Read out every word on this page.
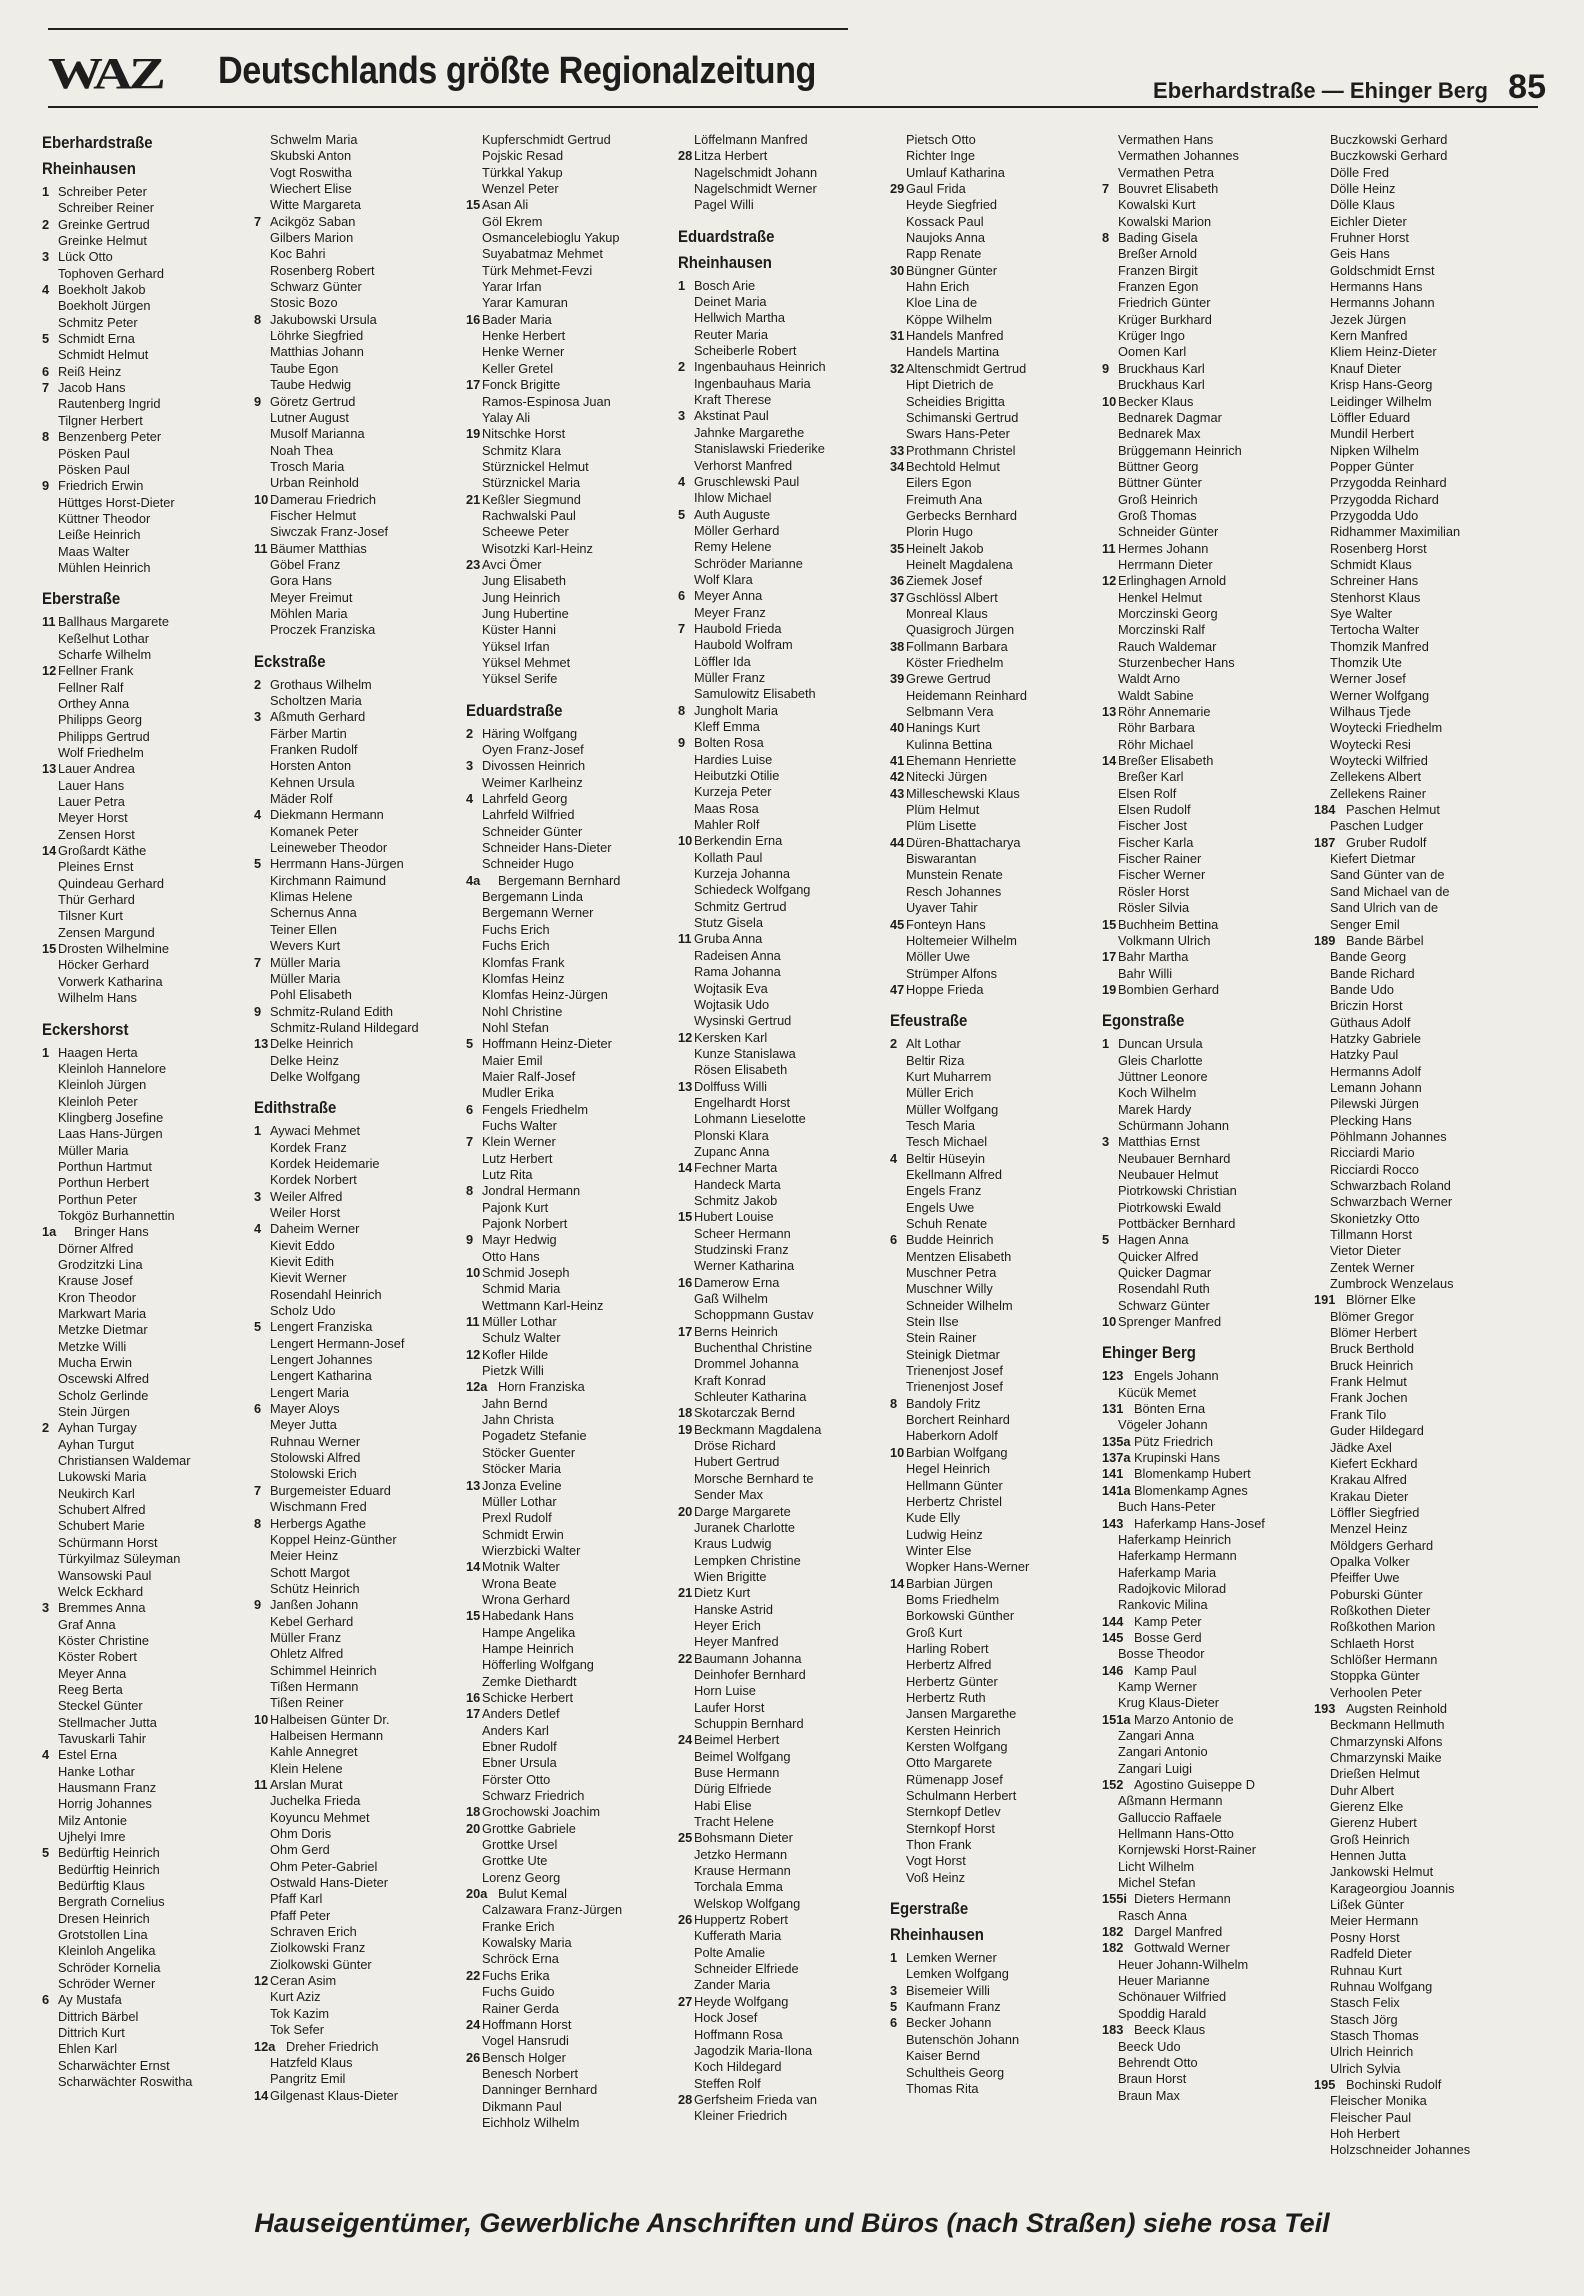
WAZ Deutschlands größte Regionalzeitung	Eberhardstraße — Ehinger Berg 85
Eberhardstraße
Rheinhausen
1 Schreiber Peter
Schreiber Reiner
2 Greinke Gertrud
Greinke Helmut
3 Lück Otto
Tophoven Gerhard
4 Boekholt Jakob
Boekholt Jürgen
Schmitz Peter
5 Schmidt Erna
Schmidt Helmut
6 Reiß Heinz
7 Jacob Hans
Rautenberg Ingrid
Tilgner Herbert
8 Benzenberg Peter
Pösken Paul
Pösken Paul
9 Friedrich Erwin
Hüttges Horst-Dieter
Küttner Theodor
Leiße Heinrich
Maas Walter
Mühlen Heinrich
Eberstraße
11 Ballhaus Margarete
Keßelhut Lothar
Scharfe Wilhelm
12 Fellner Frank
Fellner Ralf
Orthey Anna
Philipps Georg
Philipps Gertrud
Wolf Friedhelm
13 Lauer Andrea
Lauer Hans
Lauer Petra
Meyer Horst
Zensen Horst
14 Großardt Käthe
Pleines Ernst
Quindeau Gerhard
Thür Gerhard
Tilsner Kurt
Zensen Margund
15 Drosten Wilhelmine
Höcker Gerhard
Vorwerk Katharina
Wilhelm Hans
Eckershorst
1 Haagen Herta
Kleinloh Hannelore
Kleinloh Jürgen
Kleinloh Peter
Klingberg Josefine
Laas Hans-Jürgen
Müller Maria
Porthun Hartmut
Porthun Herbert
Porthun Peter
Tokgöz Burhannettin
1a	Bringer Hans
Dörner Alfred
Grodzitzki Lina
Krause Josef
Kron Theodor
Markwart Maria
Metzke Dietmar
Metzke Willi
Mucha Erwin
Oscewski Alfred
Scholz Gerlinde
Stein Jürgen
2 Ayhan Turgay
Ayhan Turgut
Christiansen Waldemar
Lukowski Maria
Neukirch Karl
Schubert Alfred
Schubert Marie
Schürmann Horst
Türkyilmaz Süleyman
Wansowski Paul
Welck Eckhard
3 Bremmes Anna
Graf Anna
Köster Christine
Köster Robert
Meyer Anna
Reeg Berta
Steckel Günter
Stellmacher Jutta
Tavuskarli Tahir
4 Estel Erna
Hanke Lothar
Hausmann Franz
Horrig Johannes
Milz Antonie
Ujhelyi Imre
5 Bedürftig Heinrich
Bedürftig Heinrich
Bedürftig Klaus
Bergrath Cornelius
Dresen Heinrich
Grotstollen Lina
Kleinloh Angelika
Schröder Kornelia
Schröder Werner
6 Ay Mustafa
Dittrich Bärbel
Dittrich Kurt
Ehlen Karl
Scharwächter Ernst
Scharwächter Roswitha
Schwelm Maria
Skubski Anton
Vogt Roswitha
Wiechert Elise
Witte Margareta
7 Acikgöz Saban
Gilbers Marion
Koc Bahri
Rosenberg Robert
Schwarz Günter
Stosic Bozo
8 Jakubowski Ursula
Löhrke Siegfried
Matthias Johann
Taube Egon
Taube Hedwig
9 Göretz Gertrud
Lutner August
Musolf Marianna
Noah Thea
Trosch Maria
Urban Reinhold
10 Damerau Friedrich
Fischer Helmut
Siwczak Franz-Josef
11 Bäumer Matthias
Göbel Franz
Gora Hans
Meyer Freimut
Möhlen Maria
Proczek Franziska
Eckstraße
2 Grothaus Wilhelm
Scholtzen Maria
3 Aßmuth Gerhard
Färber Martin
Franken Rudolf
Horsten Anton
Kehnen Ursula
Mäder Rolf
4 Diekmann Hermann
Komanek Peter
Leineweber Theodor
5 Herrmann Hans-Jürgen
Kirchmann Raimund
Klimas Helene
Schernus Anna
Teiner Ellen
Wevers Kurt
7 Müller Maria
Müller Maria
Pohl Elisabeth
9 Schmitz-Ruland Edith
Schmitz-Ruland Hildegard
13 Delke Heinrich
Delke Heinz
Delke Wolfgang
Edithstraße
1 Aywaci Mehmet
Kordek Franz
Kordek Heidemarie
Kordek Norbert
3 Weiler Alfred
Weiler Horst
4 Daheim Werner
Kievit Eddo
Kievit Edith
Kievit Werner
Rosendahl Heinrich
Scholz Udo
5 Lengert Franziska
Lengert Hermann-Josef
Lengert Johannes
Lengert Katharina
Lengert Maria
6 Mayer Aloys
Meyer Jutta
Ruhnau Werner
Stolowski Alfred
Stolowski Erich
7 Burgemeister Eduard
Wischmann Fred
8 Herbergs Agathe
Koppel Heinz-Günther
Meier Heinz
Schott Margot
Schütz Heinrich
9 Janßen Johann
Kebel Gerhard
Müller Franz
Ohletz Alfred
Schimmel Heinrich
Tißen Hermann
Tißen Reiner
10 Halbeisen Günter Dr.
Halbeisen Hermann
Kahle Annegret
Klein Helene
11 Arslan Murat
Juchelka Frieda
Koyuncu Mehmet
Ohm Doris
Ohm Gerd
Ohm Peter-Gabriel
Ostwald Hans-Dieter
Pfaff Karl
Pfaff Peter
Schraven Erich
Ziolkowski Franz
Ziolkowski Günter
12 Ceran Asim
Kurt Aziz
Tok Kazim
Tok Sefer
12a Dreher Friedrich
Hatzfeld Klaus
Pangritz Emil
14 Gilgenast Klaus-Dieter
Kupferschmidt Gertrud
Pojskic Resad
Türkkal Yakup
Wenzel Peter
15 Asan Ali
Göl Ekrem
Osmancelebioglu Yakup
Suyabatmaz Mehmet
Türk Mehmet-Fevzi
Yarar Irfan
Yarar Kamuran
16 Bader Maria
Henke Herbert
Henke Werner
Keller Gretel
17 Fonck Brigitte
Ramos-Espinosa Juan
Yalay Ali
19 Nitschke Horst
Schmitz Klara
Stürznickel Helmut
Stürznickel Maria
21 Keßler Siegmund
Rachwalski Paul
Scheewe Peter
Wisotzki Karl-Heinz
23 Avci Ömer
Jung Elisabeth
Jung Heinrich
Jung Hubertine
Küster Hanni
Yüksel Irfan
Yüksel Mehmet
Yüksel Serife
Eduardstraße
2 Häring Wolfgang
Oyen Franz-Josef
3 Divossen Heinrich
Weimer Karlheinz
4 Lahrfeld Georg
Lahrfeld Wilfried
Schneider Günter
Schneider Hans-Dieter
Schneider Hugo
4a	Bergemann Bernhard
Bergemann Linda
Bergemann Werner
Fuchs Erich
Fuchs Erich
Klomfas Frank
Klomfas Heinz
Klomfas Heinz-Jürgen
Nohl Christine
Nohl Stefan
5 Hoffmann Heinz-Dieter
Maier Emil
Maier Ralf-Josef
Mudler Erika
6 Fengels Friedhelm
Fuchs Walter
7 Klein Werner
Lutz Herbert
Lutz Rita
8 Jondral Hermann
Pajonk Kurt
Pajonk Norbert
9 Mayr Hedwig
Otto Hans
10 Schmid Joseph
Schmid Maria
Wettmann Karl-Heinz
11 Müller Lothar
Schulz Walter
12 Kofler Hilde
Pietzk Willi
12a Horn Franziska
Jahn Bernd
Jahn Christa
Pogadetz Stefanie
Stöcker Guenter
Stöcker Maria
13 Jonza Eveline
Müller Lothar
Prexl Rudolf
Schmidt Erwin
Wierzbicki Walter
14 Motnik Walter
Wrona Beate
Wrona Gerhard
15 Habedank Hans
Hampe Angelika
Hampe Heinrich
Höfferling Wolfgang
Zemke Diethardt
16 Schicke Herbert
17 Anders Detlef
Anders Karl
Ebner Rudolf
Ebner Ursula
Förster Otto
Schwarz Friedrich
18 Grochowski Joachim
20 Grottke Gabriele
Grottke Ursel
Grottke Ute
Lorenz Georg
20a Bulut Kemal
Calzawara Franz-Jürgen
Franke Erich
Kowalsky Maria
Schröck Erna
22 Fuchs Erika
Fuchs Guido
Rainer Gerda
24 Hoffmann Horst
Vogel Hansrudi
26 Bensch Holger
Benesch Norbert
Danninger Bernhard
Dikmann Paul
Eichholz Wilhelm
Löffelmann Manfred
28 Litza Herbert
Nagelschmidt Johann
Nagelschmidt Werner
Pagel Willi
Eduardstraße
Rheinhausen
1 Bosch Arie
Deinet Maria
Hellwich Martha
Reuter Maria
Scheiberle Robert
2 Ingenbauhaus Heinrich
Ingenbauhaus Maria
Kraft Therese
3 Akstinat Paul
Jahnke Margarethe
Stanislawski Friederike
Verhorst Manfred
4 Gruschlewski Paul
Ihlow Michael
5 Auth Auguste
Möller Gerhard
Remy Helene
Schröder Marianne
Wolf Klara
6 Meyer Anna
Meyer Franz
7 Haubold Frieda
Haubold Wolfram
Löffler Ida
Müller Franz
Samulowitz Elisabeth
8 Jungholt Maria
Kleff Emma
9 Bolten Rosa
Hardies Luise
Heibutzki Otilie
Kurzeja Peter
Maas Rosa
Mahler Rolf
10 Berkendin Erna
Kollath Paul
Kurzeja Johanna
Schiedeck Wolfgang
Schmitz Gertrud
Stutz Gisela
11 Gruba Anna
Radeisen Anna
Rama Johanna
Wojtasik Eva
Wojtasik Udo
Wysinski Gertrud
12 Kersken Karl
Kunze Stanislawa
Rösen Elisabeth
13 Dolffuss Willi
Engelhardt Horst
Lohmann Lieselotte
Plonski Klara
Zupanc Anna
14 Fechner Marta
Handeck Marta
Schmitz Jakob
15 Hubert Louise
Scheer Hermann
Studzinski Franz
Werner Katharina
16 Damerow Erna
Gaß Wilhelm
Schoppmann Gustav
17 Berns Heinrich
Buchenthal Christine
Drommel Johanna
Kraft Konrad
Schleuter Katharina
18 Skotarczak Bernd
19 Beckmann Magdalena
Dröse Richard
Hubert Gertrud
Morsche Bernhard te
Sender Max
20 Darge Margarete
Juranek Charlotte
Kraus Ludwig
Lempken Christine
Wien Brigitte
21 Dietz Kurt
Hanske Astrid
Heyer Erich
Heyer Manfred
22 Baumann Johanna
Deinhofer Bernhard
Horn Luise
Laufer Horst
Schuppin Bernhard
24 Beimel Herbert
Beimel Wolfgang
Buse Hermann
Dürig Elfriede
Habi Elise
Tracht Helene
25 Bohsmann Dieter
Jetzko Hermann
Krause Hermann
Torchala Emma
Welskop Wolfgang
26 Huppertz Robert
Kufferath Maria
Polte Amalie
Schneider Elfriede
Zander Maria
27 Heyde Wolfgang
Hock Josef
Hoffmann Rosa
Jagodzik Maria-Ilona
Koch Hildegard
Steffen Rolf
28 Gerfsheim Frieda van
Kleiner Friedrich
Pietsch Otto
Richter Inge
Umlauf Katharina
29 Gaul Frida
Heyde Siegfried
Kossack Paul
Naujoks Anna
Rapp Renate
30 Büngner Günter
Hahn Erich
Kloe Lina de
Köppe Wilhelm
31 Handels Manfred
Handels Martina
32 Altenschmidt Gertrud
Hipt Dietrich de
Scheidies Brigitta
Schimanski Gertrud
Swars Hans-Peter
33 Prothmann Christel
34 Bechtold Helmut
Eilers Egon
Freimuth Ana
Gerbecks Bernhard
Plorin Hugo
35 Heinelt Jakob
Heinelt Magdalena
36 Ziemek Josef
37 Gschlössl Albert
Monreal Klaus
Quasigroch Jürgen
38 Follmann Barbara
Köster Friedhelm
39 Grewe Gertrud
Heidemann Reinhard
Selbmann Vera
40 Hanings Kurt
Kulinna Bettina
41 Ehemann Henriette
42 Nitecki Jürgen
43 Milleschewski Klaus
Plüm Helmut
Plüm Lisette
44 Düren-Bhattacharya
Biswarantan
Munstein Renate
Resch Johannes
Uyaver Tahir
45 Fonteyn Hans
Holtemeier Wilhelm
Möller Uwe
Strümper Alfons
47 Hoppe Frieda
Efeustraße
2 Alt Lothar
Beltir Riza
Kurt Muharrem
Müller Erich
Müller Wolfgang
Tesch Maria
Tesch Michael
4 Beltir Hüseyin
Ekellmann Alfred
Engels Franz
Engels Uwe
Schuh Renate
6 Budde Heinrich
Mentzen Elisabeth
Muschner Petra
Muschner Willy
Schneider Wilhelm
Stein Ilse
Stein Rainer
Steinigk Dietmar
Trienenjost Josef
Trienenjost Josef
8 Bandoly Fritz
Borchert Reinhard
Haberkorn Adolf
10 Barbian Wolfgang
Hegel Heinrich
Hellmann Günter
Herbertz Christel
Kude Elly
Ludwig Heinz
Winter Else
Wopker Hans-Werner
14 Barbian Jürgen
Boms Friedhelm
Borkowski Günther
Groß Kurt
Harling Robert
Herbertz Alfred
Herbertz Günter
Herbertz Ruth
Jansen Margarethe
Kersten Heinrich
Kersten Wolfgang
Otto Margarete
Rümenapp Josef
Schulmann Herbert
Sternkopf Detlev
Sternkopf Horst
Thon Frank
Vogt Horst
Voß Heinz
Egerstraße
Rheinhausen
1 Lemken Werner
Lemken Wolfgang
3 Bisemeier Willi
5 Kaufmann Franz
6 Becker Johann
Butenschön Johann
Kaiser Bernd
Schultheis Georg
Thomas Rita
Vermathen Hans
Vermathen Johannes
Vermathen Petra
7 Bouvret Elisabeth
Kowalski Kurt
Kowalski Marion
8 Bading Gisela
Breßer Arnold
Franzen Birgit
Franzen Egon
Friedrich Günter
Krüger Burkhard
Krüger Ingo
Oomen Karl
9 Bruckhaus Karl
Bruckhaus Karl
10 Becker Klaus
Bednarek Dagmar
Bednarek Max
Brüggemann Heinrich
Büttner Georg
Büttner Günter
Groß Heinrich
Groß Thomas
Schneider Günter
11 Hermes Johann
Herrmann Dieter
12 Erlinghagen Arnold
Henkel Helmut
Morczinski Georg
Morczinski Ralf
Rauch Waldemar
Sturzenbecher Hans
Waldt Arno
Waldt Sabine
13 Röhr Annemarie
Röhr Barbara
Röhr Michael
14 Breßer Elisabeth
Breßer Karl
Elsen Rolf
Elsen Rudolf
Fischer Jost
Fischer Karla
Fischer Rainer
Fischer Werner
Rösler Horst
Rösler Silvia
15 Buchheim Bettina
Volkmann Ulrich
17 Bahr Martha
Bahr Willi
19 Bombien Gerhard
Egonstraße
1 Duncan Ursula
Gleis Charlotte
Jüttner Leonore
Koch Wilhelm
Marek Hardy
Schürmann Johann
3 Matthias Ernst
Neubauer Bernhard
Neubauer Helmut
Piotrkowski Christian
Piotrkowski Ewald
Pottbäcker Bernhard
5 Hagen Anna
Quicker Alfred
Quicker Dagmar
Rosendahl Ruth
Schwarz Günter
10 Sprenger Manfred
Ehinger Berg
123 Engels Johann
Kücük Memet
131 Bönten Erna
Vögeler Johann
135a Pütz Friedrich
137a Krupinski Hans
141 Blomenkamp Hubert
141a Blomenkamp Agnes
Buch Hans-Peter
143 Haferkamp Hans-Josef
Haferkamp Heinrich
Haferkamp Hermann
Haferkamp Maria
Radojkovic Milorad
Rankovic Milina
144 Kamp Peter
145 Bosse Gerd
Bosse Theodor
146 Kamp Paul
Kamp Werner
Krug Klaus-Dieter
151a Marzo Antonio de
Zangari Anna
Zangari Antonio
Zangari Luigi
152 Agostino Guiseppe D
Aßmann Hermann
Galluccio Raffaele
Hellmann Hans-Otto
Kornjewski Horst-Rainer
Licht Wilhelm
Michel Stefan
155i Dieters Hermann
Rasch Anna
182 Dargel Manfred
182 Gottwald Werner
Heuer Johann-Wilhelm
Heuer Marianne
Schönauer Wilfried
Spoddig Harald
183 Beeck Klaus
Beeck Udo
Behrendt Otto
Braun Horst
Braun Max
Buczkowski Gerhard
Buczkowski Gerhard
Dölle Fred
Dölle Heinz
Dölle Klaus
Eichler Dieter
Fruhner Horst
Geis Hans
Goldschmidt Ernst
Hermanns Hans
Hermanns Johann
Jezek Jürgen
Kern Manfred
Kliem Heinz-Dieter
Knauf Dieter
Krisp Hans-Georg
Leidinger Wilhelm
Löffler Eduard
Mundil Herbert
Nipken Wilhelm
Popper Günter
Przygodda Reinhard
Przygodda Richard
Przygodda Udo
Ridhammer Maximilian
Rosenberg Horst
Schmidt Klaus
Schreiner Hans
Stenhorst Klaus
Sye Walter
Tertocha Walter
Thomzik Manfred
Thomzik Ute
Werner Josef
Werner Wolfgang
Wilhaus Tjede
Woytecki Friedhelm
Woytecki Resi
Woytecki Wilfried
Zellekens Albert
Zellekens Rainer
184 Paschen Helmut
Paschen Ludger
187 Gruber Rudolf
Kiefert Dietmar
Sand Günter van de
Sand Michael van de
Sand Ulrich van de
Senger Emil
189 Bande Bärbel
Bande Georg
Bande Richard
Bande Udo
Briczin Horst
Güthaus Adolf
Hatzky Gabriele
Hatzky Paul
Hermanns Adolf
Lemann Johann
Pilewski Jürgen
Plecking Hans
Pöhlmann Johannes
Ricciardi Mario
Ricciardi Rocco
Schwarzbach Roland
Schwarzbach Werner
Skonietzky Otto
Tillmann Horst
Vietor Dieter
Zentek Werner
Zumbrock Wenzelaus
191 Blörner Elke
Blömer Gregor
Blömer Herbert
Bruck Berthold
Bruck Heinrich
Frank Helmut
Frank Jochen
Frank Tilo
Guder Hildegard
Jädke Axel
Kiefert Eckhard
Krakau Alfred
Krakau Dieter
Löffler Siegfried
Menzel Heinz
Möldgers Gerhard
Opalka Volker
Pfeiffer Uwe
Poburski Günter
Roßkothen Dieter
Roßkothen Marion
Schlaeth Horst
Schlößer Hermann
Stoppka Günter
Verhoolen Peter
193 Augsten Reinhold
Beckmann Hellmuth
Chmarzynski Alfons
Chmarzynski Maike
Drießen Helmut
Duhr Albert
Gierenz Elke
Gierenz Hubert
Groß Heinrich
Hennen Jutta
Jankowski Helmut
Karageorgiou Joannis
Lißek Günter
Meier Hermann
Posny Horst
Radfeld Dieter
Ruhnau Kurt
Ruhnau Wolfgang
Stasch Felix
Stasch Jörg
Stasch Thomas
Ulrich Heinrich
Ulrich Sylvia
195 Bochinski Rudolf
Fleischer Monika
Fleischer Paul
Hoh Herbert
Holzschneider Johannes
Hauseigentümer, Gewerbliche Anschriften und Büros (nach Straßen) siehe rosa Teil
